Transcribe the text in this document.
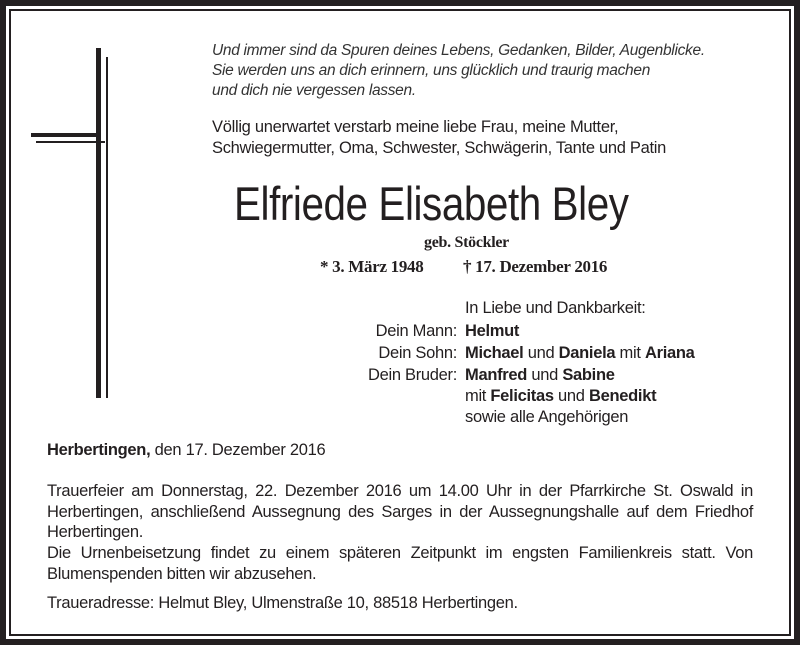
Und immer sind da Spuren deines Lebens, Gedanken, Bilder, Augenblicke.
Sie werden uns an dich erinnern, uns glücklich und traurig machen
und dich nie vergessen lassen.
Völlig unerwartet verstarb meine liebe Frau, meine Mutter,
Schwiegermutter, Oma, Schwester, Schwägerin, Tante und Patin
Elfriede Elisabeth Bley
geb. Stöckler
* 3. März 1948 † 17. Dezember 2016
In Liebe und Dankbarkeit:
Dein Mann: Helmut
Dein Sohn: Michael und Daniela mit Ariana
Dein Bruder: Manfred und Sabine
mit Felicitas und Benedikt
sowie alle Angehörigen
Herbertingen, den 17. Dezember 2016
Trauerfeier am Donnerstag, 22. Dezember 2016 um 14.00 Uhr in der Pfarrkirche St. Oswald in Herbertingen, anschließend Aussegnung des Sarges in der Aussegnungshalle auf dem Friedhof Herbertingen.
Die Urnenbeisetzung findet zu einem späteren Zeitpunkt im engsten Familienkreis statt. Von Blumenspenden bitten wir abzusehen.
Traueradresse: Helmut Bley, Ulmenstraße 10, 88518 Herbertingen.
